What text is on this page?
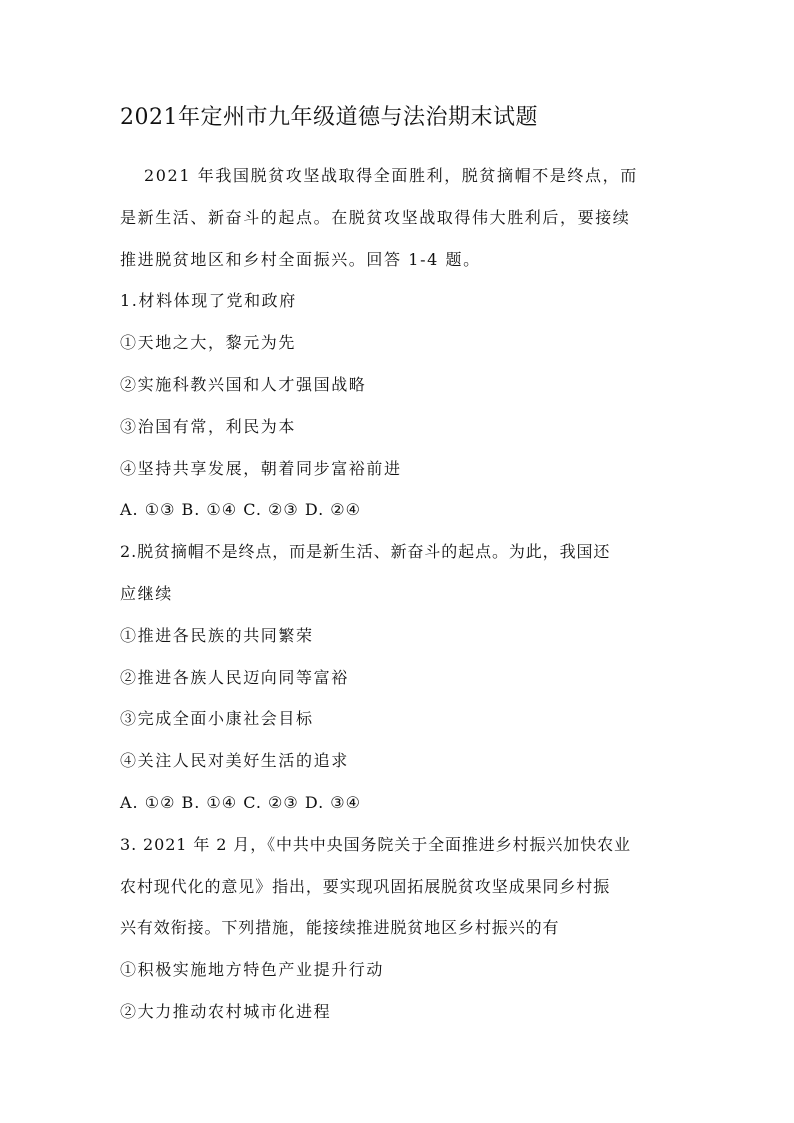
2021年定州市九年级道德与法治期末试题
2021 年我国脱贫攻坚战取得全面胜利，脱贫摘帽不是终点，而
是新生活、新奋斗的起点。在脱贫攻坚战取得伟大胜利后，要接续
推进脱贫地区和乡村全面振兴。回答 1-4 题。
1.材料体现了党和政府
①天地之大，黎元为先
②实施科教兴国和人才强国战略
③治国有常，利民为本
④坚持共享发展，朝着同步富裕前进
A. ①③ B. ①④ C. ②③ D. ②④
2.脱贫摘帽不是终点，而是新生活、新奋斗的起点。为此，我国还
应继续
①推进各民族的共同繁荣
②推进各族人民迈向同等富裕
③完成全面小康社会目标
④关注人民对美好生活的追求
A. ①② B. ①④ C. ②③ D. ③④
3. 2021 年 2 月，《中共中央国务院关于全面推进乡村振兴加快农业
农村现代化的意见》指出，要实现巩固拓展脱贫攻坚成果同乡村振
兴有效衔接。下列措施，能接续推进脱贫地区乡村振兴的有
①积极实施地方特色产业提升行动
②大力推动农村城市化进程
